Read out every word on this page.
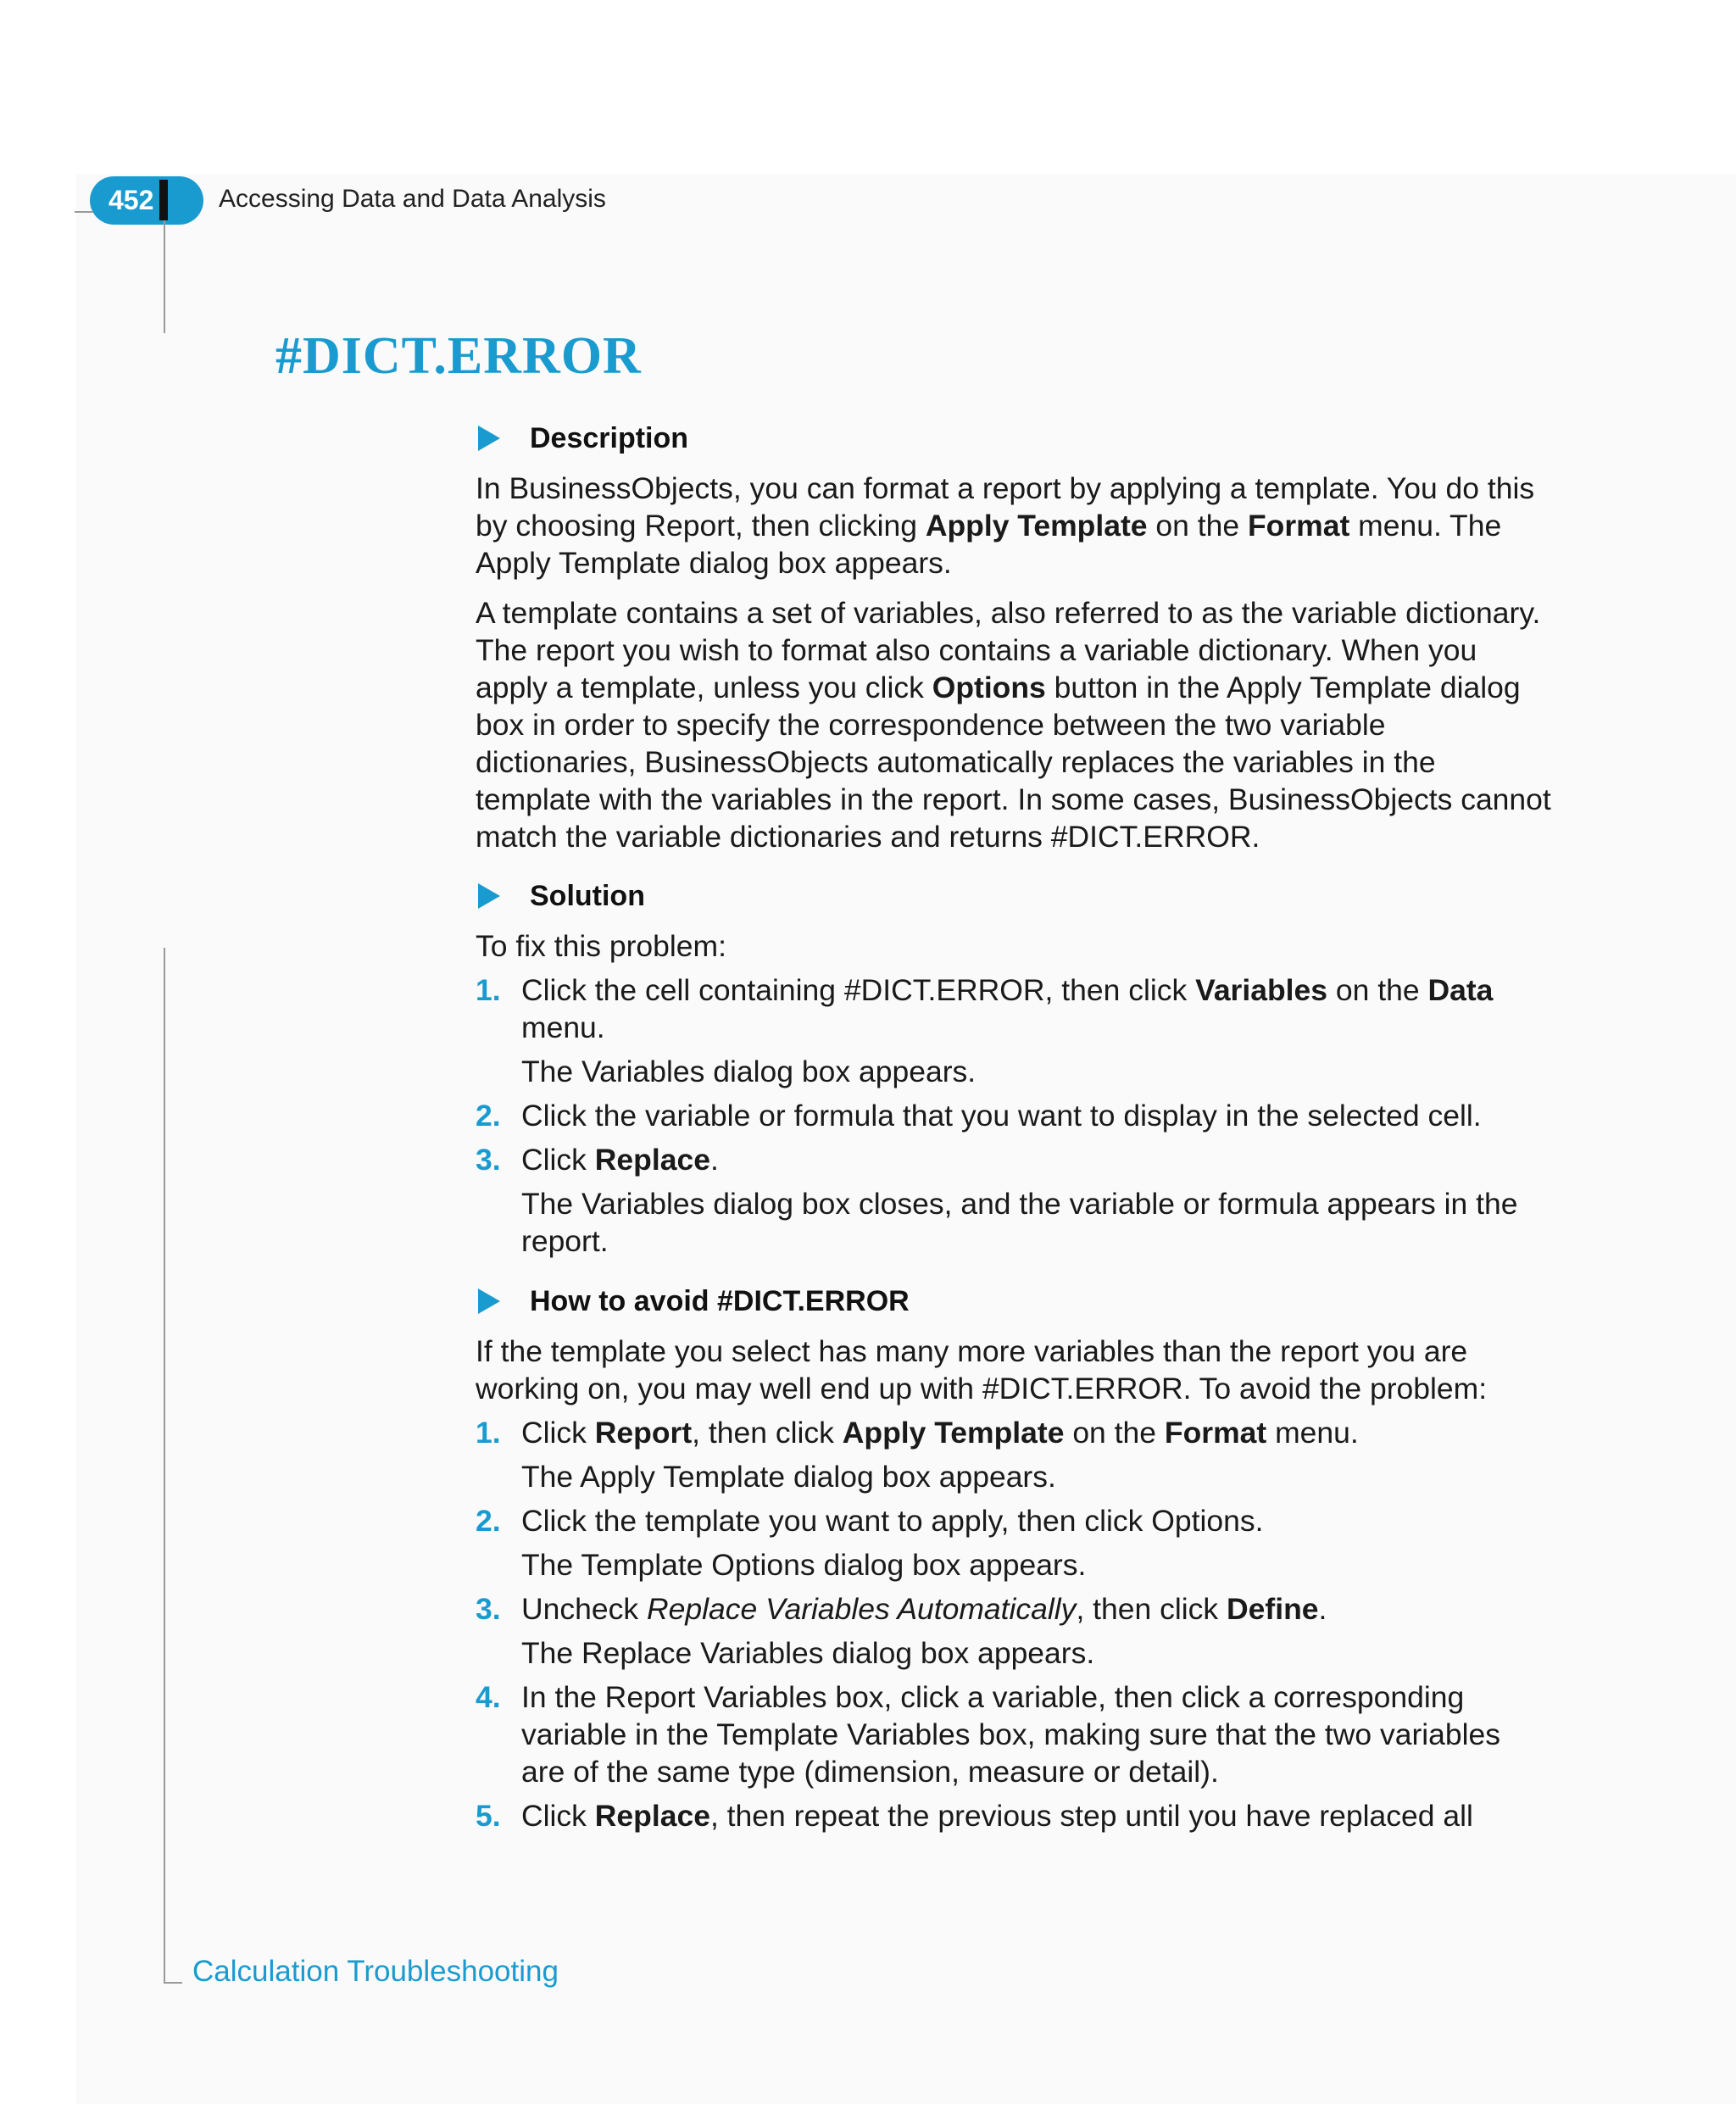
452	Accessing Data and Data Analysis
#DICT.ERROR
Description

In BusinessObjects, you can format a report by applying a template. You do this by choosing Report, then clicking Apply Template on the Format menu. The Apply Template dialog box appears.

A template contains a set of variables, also referred to as the variable dictionary. The report you wish to format also contains a variable dictionary. When you apply a template, unless you click Options button in the Apply Template dialog box in order to specify the correspondence between the two variable dictionaries, BusinessObjects automatically replaces the variables in the template with the variables in the report. In some cases, BusinessObjects cannot match the variable dictionaries and returns #DICT.ERROR.

Solution

To fix this problem:

1. Click the cell containing #DICT.ERROR, then click Variables on the Data menu.
The Variables dialog box appears.
2. Click the variable or formula that you want to display in the selected cell.
3. Click Replace.
The Variables dialog box closes, and the variable or formula appears in the report.
How to avoid #DICT.ERROR

If the template you select has many more variables than the report you are working on, you may well end up with #DICT.ERROR. To avoid the problem:

1. Click Report, then click Apply Template on the Format menu.
The Apply Template dialog box appears.
2. Click the template you want to apply, then click Options.
The Template Options dialog box appears.
3. Uncheck Replace Variables Automatically, then click Define.
The Replace Variables dialog box appears.
4. In the Report Variables box, click a variable, then click a corresponding variable in the Template Variables box, making sure that the two variables are of the same type (dimension, measure or detail).
5. Click Replace, then repeat the previous step until you have replaced all
Calculation Troubleshooting
